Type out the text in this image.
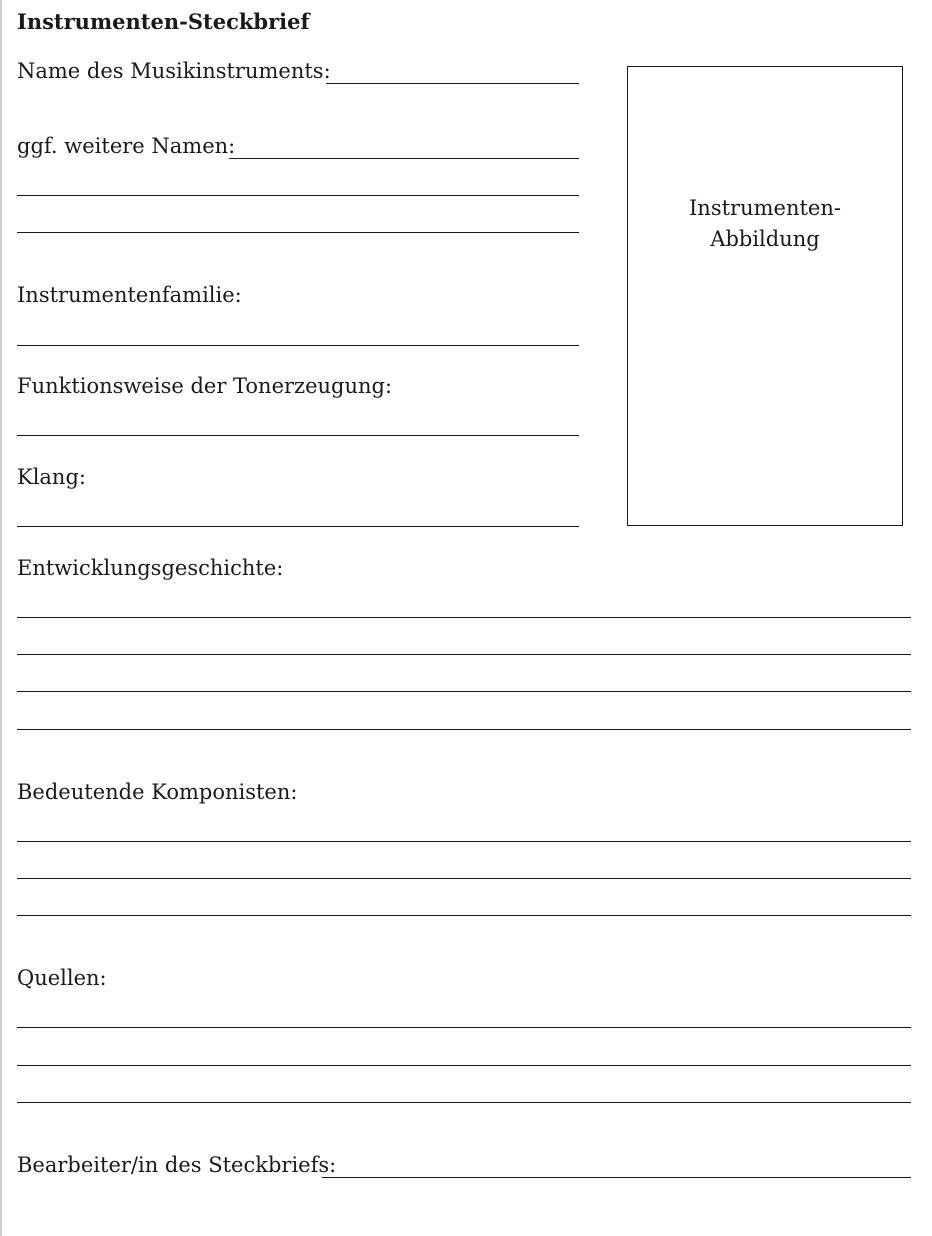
Instrumenten-Steckbrief
Name des Musikinstruments:
ggf. weitere Namen:
Instrumentenfamilie:
Funktionsweise der Tonerzeugung:
Klang:
Instrumenten-
Abbildung
Entwicklungsgeschichte:
Bedeutende Komponisten:
Quellen:
Bearbeiter/in des Steckbriefs:
